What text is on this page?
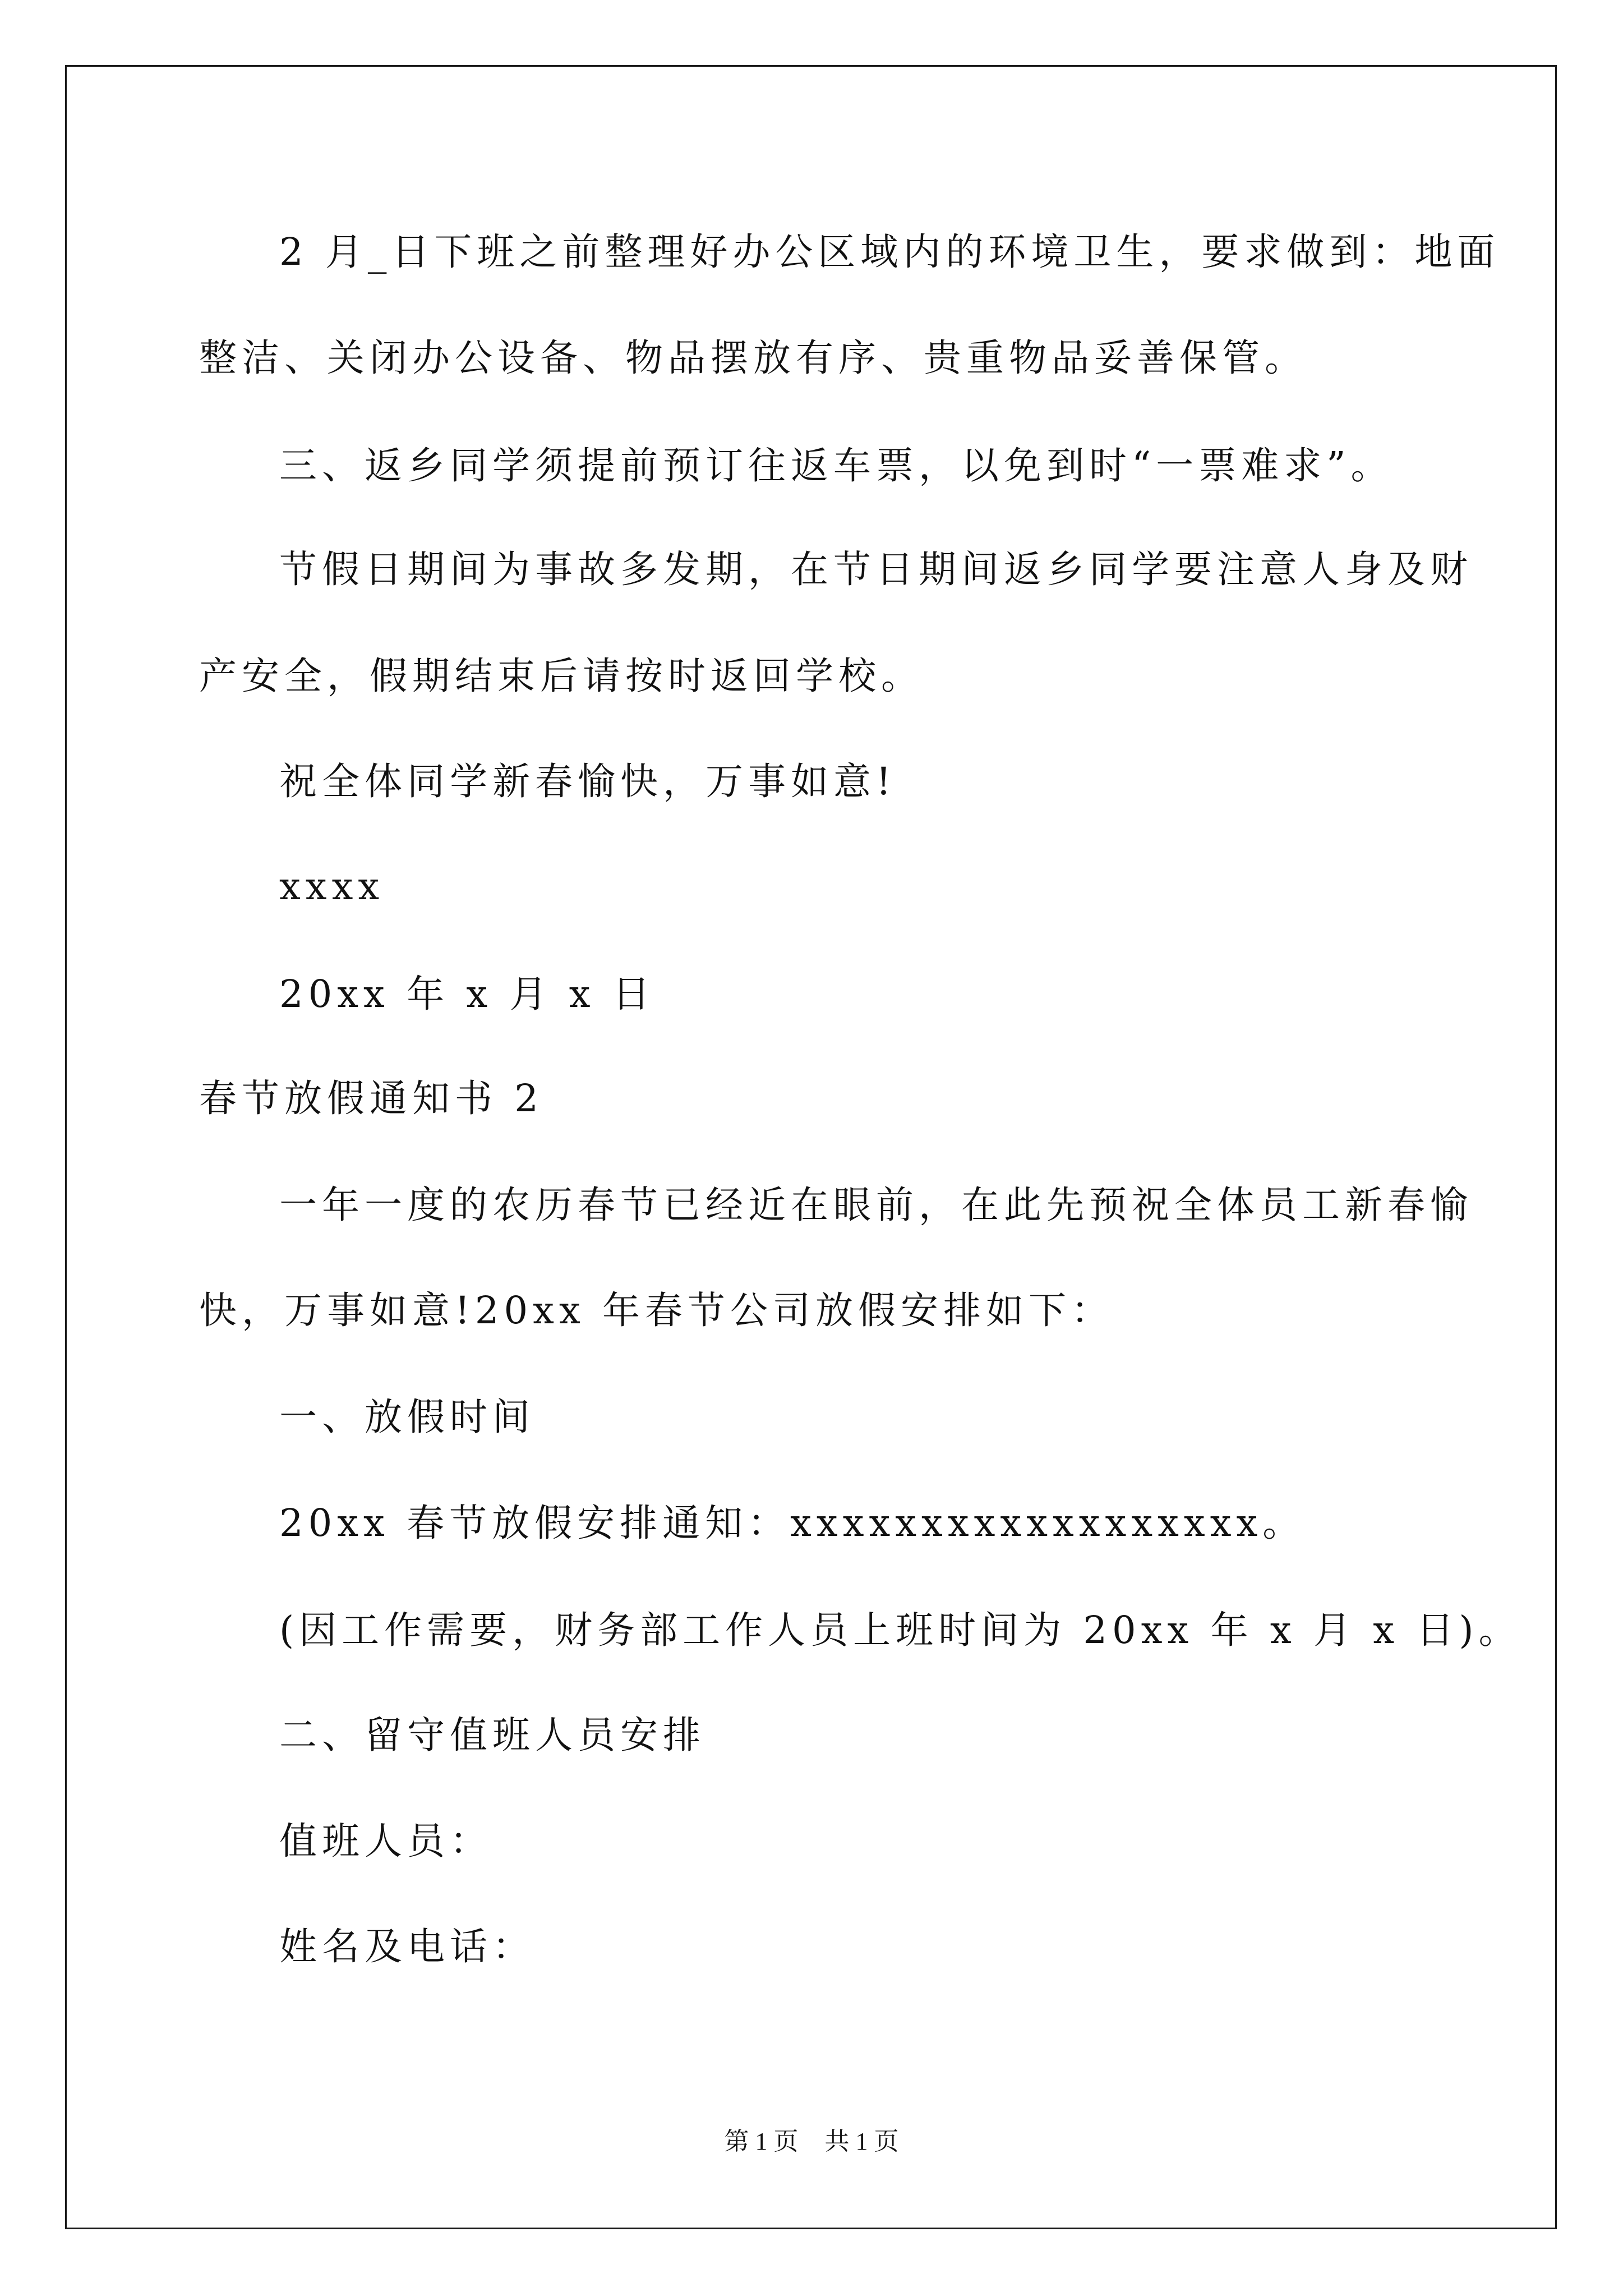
2 月_日下班之前整理好办公区域内的环境卫生，要求做到：地面
整洁、关闭办公设备、物品摆放有序、贵重物品妥善保管。
三、返乡同学须提前预订往返车票，以免到时“一票难求”。
节假日期间为事故多发期，在节日期间返乡同学要注意人身及财
产安全，假期结束后请按时返回学校。
祝全体同学新春愉快，万事如意!
xxxx
20xx 年 x 月 x 日
春节放假通知书 2
一年一度的农历春节已经近在眼前，在此先预祝全体员工新春愉
快，万事如意!20xx 年春节公司放假安排如下：
一、放假时间
20xx 春节放假安排通知：xxxxxxxxxxxxxxxxxx。
(因工作需要，财务部工作人员上班时间为 20xx 年 x 月 x 日)。
二、留守值班人员安排
值班人员：
姓名及电话：
第 1 页 共 1 页
